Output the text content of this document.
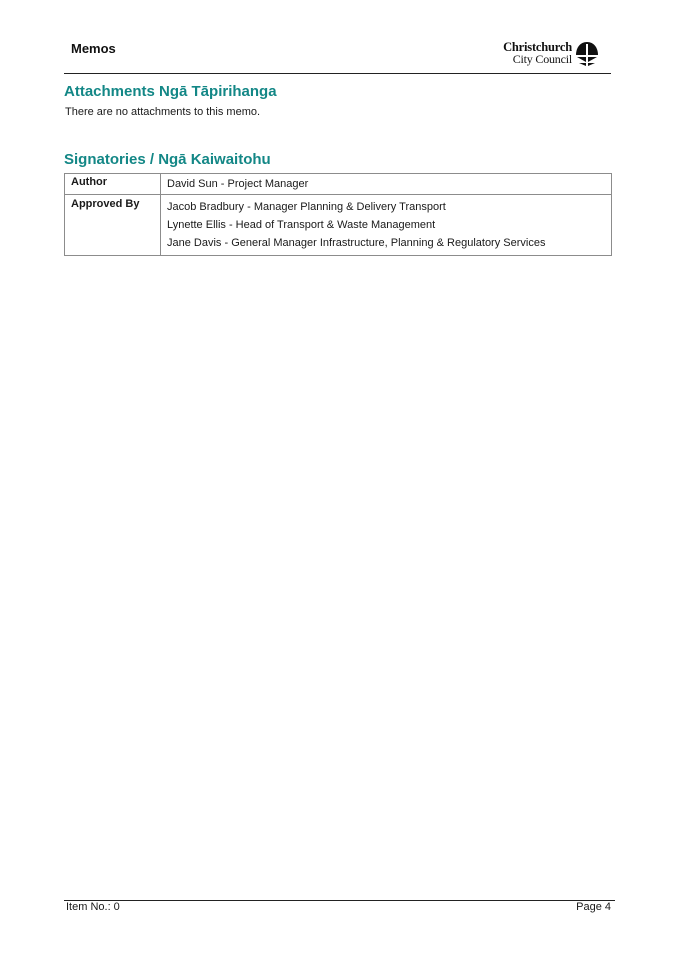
Memos	Christchurch
City Council
Attachments Ngā Tāpirihanga

There are no attachments to this memo.

Signatories / Ngā Kaiwaitohu
Author	David Sun - Project Manager

Approved By	Jacob Bradbury - Manager Planning & Delivery Transport
Lynette Ellis - Head of Transport & Waste Management
Jane Davis - General Manager Infrastructure, Planning & Regulatory Services
Item No.: 0	Page 4
